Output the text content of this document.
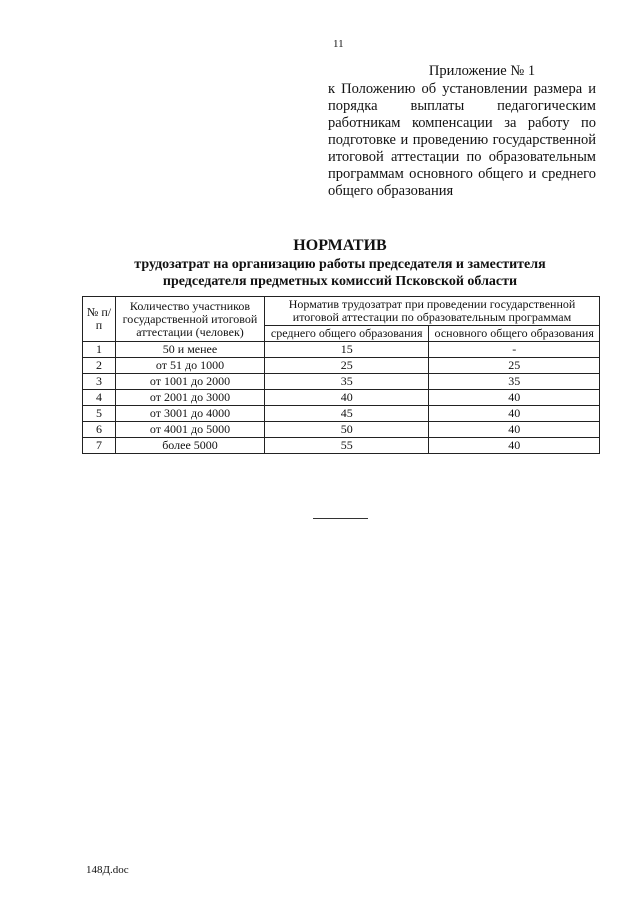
11
Приложение № 1
к Положению об установлении размера и порядка выплаты педагогическим работникам компенсации за работу по подготовке и проведению государственной итоговой аттестации по образовательным программам основного общего и среднего общего образования
НОРМАТИВ
трудозатрат на организацию работы председателя и заместителя
председателя предметных комиссий Псковской области
№ п/п	Количество участников государственной итоговой аттестации (человек)	Норматив трудозатрат при проведении государственной итоговой аттестации по образовательным программам	
		среднего общего образования	основного общего образования
1	50 и менее	15	-
2	от 51 до 1000	25	25
3	от 1001 до 2000	35	35
4	от 2001 до 3000	40	40
5	от 3001 до 4000	45	40
6	от 4001 до 5000	50	40
7	более 5000	55	40
148Д.doc
